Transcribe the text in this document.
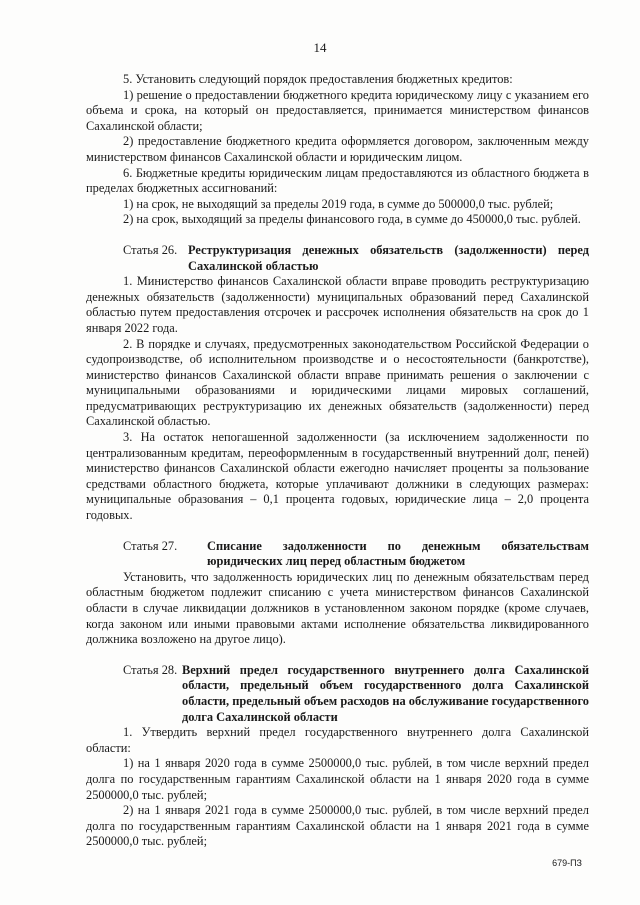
14

5. Установить следующий порядок предоставления бюджетных кредитов:

1) решение о предоставлении бюджетного кредита юридическому лицу с указанием его объема и срока, на который он предоставляется, принимается министерством финансов Сахалинской области;

2) предоставление бюджетного кредита оформляется договором, заключенным между министерством финансов Сахалинской области и юридическим лицом.

6. Бюджетные кредиты юридическим лицам предоставляются из областного бюджета в пределах бюджетных ассигнований:

1) на срок, не выходящий за пределы 2019 года, в сумме до 500000,0 тыс. рублей;

2) на срок, выходящий за пределы финансового года, в сумме до 450000,0 тыс. рублей.

Статья 26. Реструктуризация денежных обязательств (задолженности) перед Сахалинской областью

1. Министерство финансов Сахалинской области вправе проводить реструктуризацию денежных обязательств (задолженности) муниципальных образований перед Сахалинской областью путем предоставления отсрочек и рассрочек исполнения обязательств на срок до 1 января 2022 года.

2. В порядке и случаях, предусмотренных законодательством Российской Федерации о судопроизводстве, об исполнительном производстве и о несостоятельности (банкротстве), министерство финансов Сахалинской области вправе принимать решения о заключении с муниципальными образованиями и юридическими лицами мировых соглашений, предусматривающих реструктуризацию их денежных обязательств (задолженности) перед Сахалинской областью.

3. На остаток непогашенной задолженности (за исключением задолженности по централизованным кредитам, переоформленным в государственный внутренний долг, пеней) министерство финансов Сахалинской области ежегодно начисляет проценты за пользование средствами областного бюджета, которые уплачивают должники в следующих размерах: муниципальные образования – 0,1 процента годовых, юридические лица – 2,0 процента годовых.

Статья 27.	Списание задолженности по денежным обязательствам юридических лиц перед областным бюджетом

Установить, что задолженность юридических лиц по денежным обязательствам перед областным бюджетом подлежит списанию с учета министерством финансов Сахалинской области в случае ликвидации должников в установленном законом порядке (кроме случаев, когда законом или иными правовыми актами исполнение обязательства ликвидированного должника возложено на другое лицо).

Статья 28. Верхний предел государственного внутреннего долга Сахалинской области, предельный объем государственного долга Сахалинской области, предельный объем расходов на обслуживание государственного долга Сахалинской области

1. Утвердить верхний предел государственного внутреннего долга Сахалинской области:

1) на 1 января 2020 года в сумме 2500000,0 тыс. рублей, в том числе верхний предел долга по государственным гарантиям Сахалинской области на 1 января 2020 года в сумме 2500000,0 тыс. рублей;

2) на 1 января 2021 года в сумме 2500000,0 тыс. рублей, в том числе верхний предел долга по государственным гарантиям Сахалинской области на 1 января 2021 года в сумме 2500000,0 тыс. рублей;

679-ПЗ
